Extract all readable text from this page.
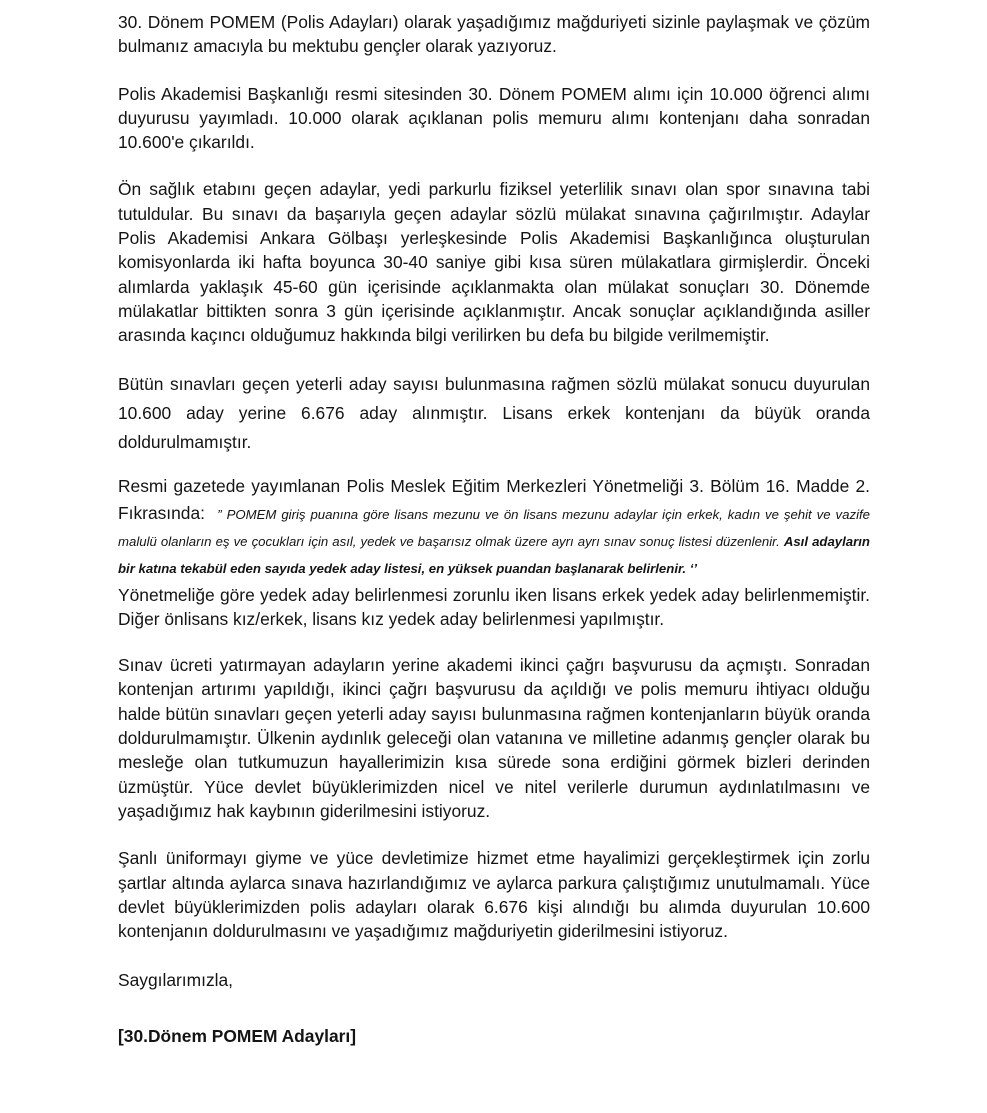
30. Dönem POMEM (Polis Adayları) olarak yaşadığımız mağduriyeti sizinle paylaşmak ve çözüm bulmanız amacıyla bu mektubu gençler olarak yazıyoruz.

Polis Akademisi Başkanlığı resmi sitesinden 30. Dönem POMEM alımı için 10.000 öğrenci alımı duyurusu yayımladı. 10.000 olarak açıklanan polis memuru alımı kontenjanı daha sonradan 10.600'e çıkarıldı.

Ön sağlık etabını geçen adaylar, yedi parkurlu fiziksel yeterlilik sınavı olan spor sınavına tabi tutuldular. Bu sınavı da başarıyla geçen adaylar sözlü mülakat sınavına çağırılmıştır. Adaylar Polis Akademisi Ankara Gölbaşı yerleşkesinde Polis Akademisi Başkanlığınca oluşturulan komisyonlarda iki hafta boyunca 30-40 saniye gibi kısa süren mülakatlara girmişlerdir. Önceki alımlarda yaklaşık 45-60 gün içerisinde açıklanmakta olan mülakat sonuçları 30. Dönemde mülakatlar bittikten sonra 3 gün içerisinde açıklanmıştır. Ancak sonuçlar açıklandığında asiller arasında kaçıncı olduğumuz hakkında bilgi verilirken bu defa bu bilgide verilmemiştir.

Bütün sınavları geçen yeterli aday sayısı bulunmasına rağmen sözlü mülakat sonucu duyurulan 10.600 aday yerine 6.676 aday alınmıştır. Lisans erkek kontenjanı da büyük oranda doldurulmamıştır.

Resmi gazetede yayımlanan Polis Meslek Eğitim Merkezleri Yönetmeliği 3. Bölüm 16. Madde 2. Fıkrasında: ” POMEM giriş puanına göre lisans mezunu ve ön lisans mezunu adaylar için erkek, kadın ve şehit ve vazife malulü olanların eş ve çocukları için asıl, yedek ve başarısız olmak üzere ayrı ayrı sınav sonuç listesi düzenlenir. Asıl adayların bir katına tekabül eden sayıda yedek aday listesi, en yüksek puandan başlanarak belirlenir. ‘’

Yönetmeliğe göre yedek aday belirlenmesi zorunlu iken lisans erkek yedek aday belirlenmemiştir. Diğer önlisans kız/erkek, lisans kız yedek aday belirlenmesi yapılmıştır.

Sınav ücreti yatırmayan adayların yerine akademi ikinci çağrı başvurusu da açmıştı. Sonradan kontenjan artırımı yapıldığı, ikinci çağrı başvurusu da açıldığı ve polis memuru ihtiyacı olduğu halde bütün sınavları geçen yeterli aday sayısı bulunmasına rağmen kontenjanların büyük oranda doldurulmamıştır. Ülkenin aydınlık geleceği olan vatanına ve milletine adanmış gençler olarak bu mesleğe olan tutkumuzun hayallerimizin kısa sürede sona erdiğini görmek bizleri derinden üzmüştür. Yüce devlet büyüklerimizden nicel ve nitel verilerle durumun aydınlatılmasını ve yaşadığımız hak kaybının giderilmesini istiyoruz.

Şanlı üniformayı giyme ve yüce devletimize hizmet etme hayalimizi gerçekleştirmek için zorlu şartlar altında aylarca sınava hazırlandığımız ve aylarca parkura çalıştığımız unutulmamalı. Yüce devlet büyüklerimizden polis adayları olarak 6.676 kişi alındığı bu alımda duyurulan 10.600 kontenjanın doldurulmasını ve yaşadığımız mağduriyetin giderilmesini istiyoruz.

Saygılarımızla,

[30.Dönem POMEM Adayları]
